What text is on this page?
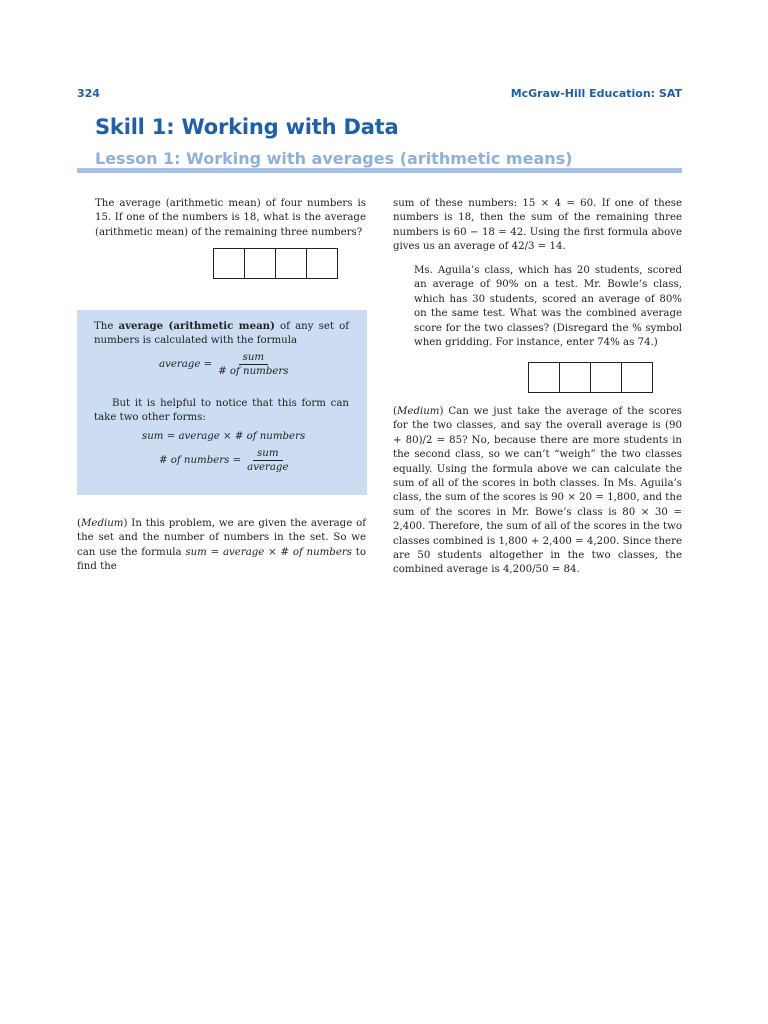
324	McGraw-Hill Education: SAT
Skill 1: Working with Data
Lesson 1: Working with averages (arithmetic means)

The average (arithmetic mean) of four numbers is 15. If one of the numbers is 18, what is the average (arithmetic mean) of the remaining three numbers?

The average (arithmetic mean) of any set of numbers is calculated with the formula
average = $\frac{\text{sum}}{\text{\# of numbers}}$
But it is helpful to notice that this form can take two other forms:
sum = average × # of numbers
# of numbers = $\frac{\text{sum}}{\text{average}}$

(Medium) In this problem, we are given the average of the set and the number of numbers in the set. So we can use the formula sum = average × # of numbers to find the

sum of these numbers: 15 × 4 = 60. If one of these numbers is 18, then the sum of the remaining three numbers is 60 − 18 = 42. Using the first formula above gives us an average of 42/3 = 14.

Ms. Aguila’s class, which has 20 students, scored an average of 90% on a test. Mr. Bowle’s class, which has 30 students, scored an average of 80% on the same test. What was the combined average score for the two classes? (Disregard the % symbol when gridding. For instance, enter 74% as 74.)

(Medium) Can we just take the average of the scores for the two classes, and say the overall average is (90 + 80)/2 = 85? No, because there are more students in the second class, so we can’t “weigh” the two classes equally. Using the formula above we can calculate the sum of all of the scores in both classes. In Ms. Aguila’s class, the sum of the scores is 90 × 20 = 1,800, and the sum of the scores in Mr. Bowe’s class is 80 × 30 = 2,400. Therefore, the sum of all of the scores in the two classes combined is 1,800 + 2,400 = 4,200. Since there are 50 students altogether in the two classes, the combined average is 4,200/50 = 84.
